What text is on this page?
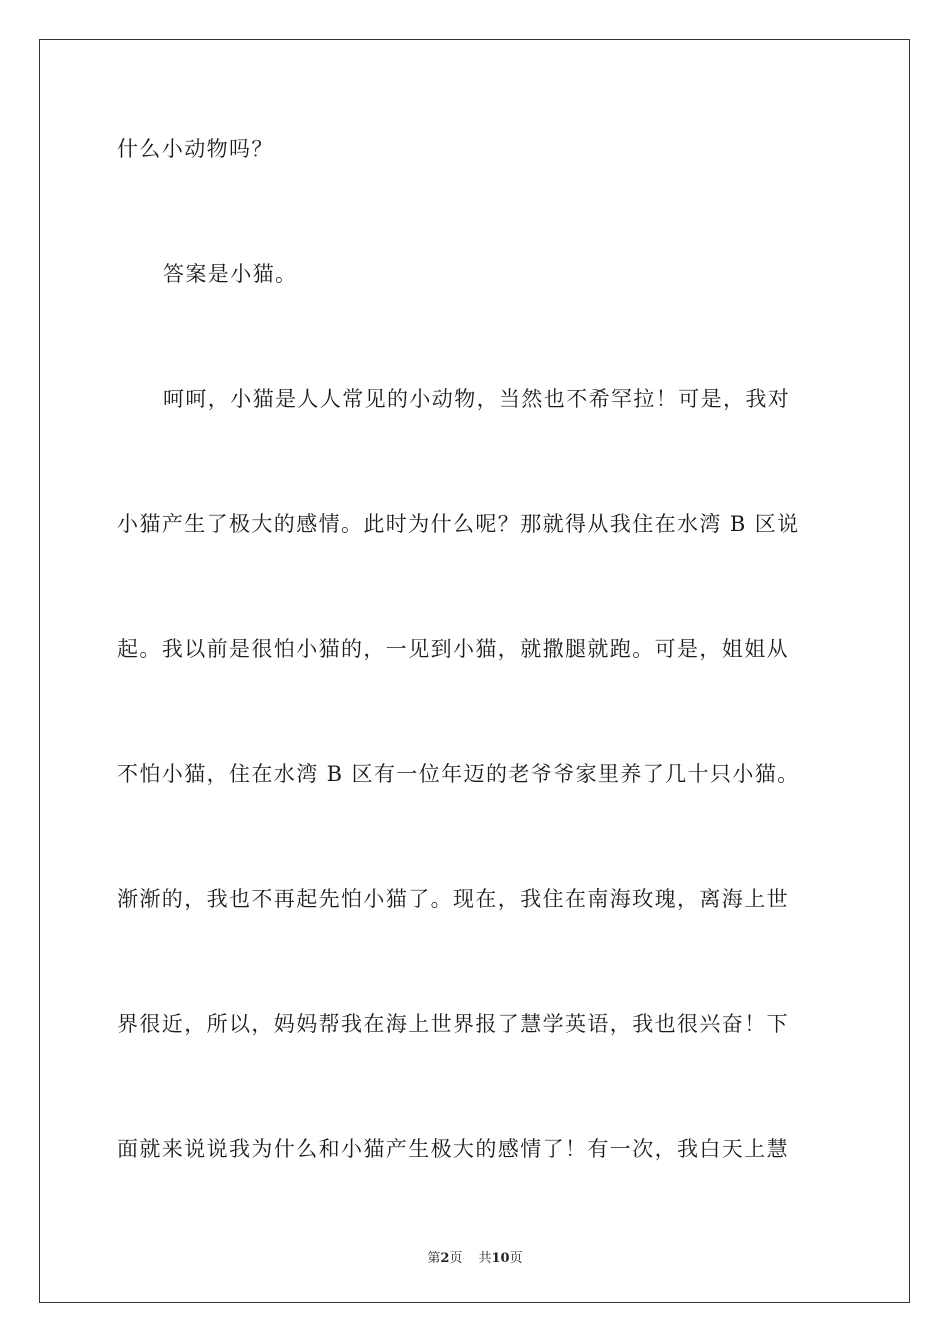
什么小动物吗？
答案是小猫。
呵呵，小猫是人人常见的小动物，当然也不希罕拉！可是，我对
小猫产生了极大的感情。此时为什么呢？那就得从我住在水湾 B 区说
起。我以前是很怕小猫的，一见到小猫，就撒腿就跑。可是，姐姐从
不怕小猫，住在水湾 B 区有一位年迈的老爷爷家里养了几十只小猫。
渐渐的，我也不再起先怕小猫了。现在，我住在南海玫瑰，离海上世
界很近，所以，妈妈帮我在海上世界报了慧学英语，我也很兴奋！下
面就来说说我为什么和小猫产生极大的感情了！有一次，我白天上慧
第2页 共10页
